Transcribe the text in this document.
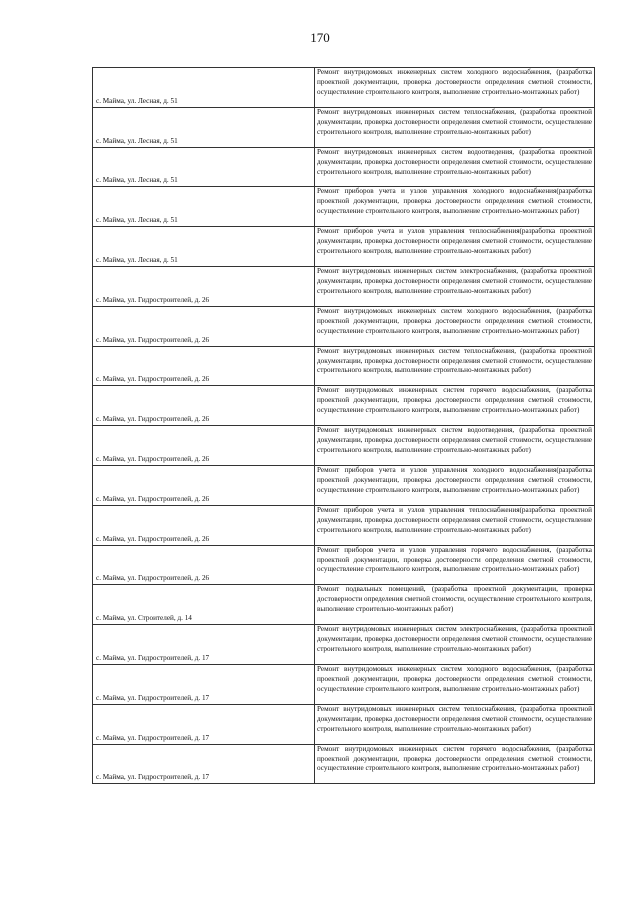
170
с. Майма, ул. Лесная, д. 51	Ремонт внутридомовых инженерных систем холодного водоснабжения, (разработка проектной документации, проверка достоверности определения сметной стоимости, осуществление строительного контроля, выполнение строительно-монтажных работ)
с. Майма, ул. Лесная, д. 51	Ремонт внутридомовых инженерных систем теплоснабжения, (разработка проектной документации, проверка достоверности определения сметной стоимости, осуществление строительного контроля, выполнение строительно-монтажных работ)
с. Майма, ул. Лесная, д. 51	Ремонт внутридомовых инженерных систем водоотведения, (разработка проектной документации, проверка достоверности определения сметной стоимости, осуществление строительного контроля, выполнение строительно-монтажных работ)
с. Майма, ул. Лесная, д. 51	Ремонт приборов учета и узлов управления холодного водоснабжения(разработка проектной документации, проверка достоверности определения сметной стоимости, осуществление строительного контроля, выполнение строительно-монтажных работ)
с. Майма, ул. Лесная, д. 51	Ремонт приборов учета и узлов управления теплоснабжения(разработка проектной документации, проверка достоверности определения сметной стоимости, осуществление строительного контроля, выполнение строительно-монтажных работ)
с. Майма, ул. Гидростроителей, д. 26	Ремонт внутридомовых инженерных систем электроснабжения, (разработка проектной документации, проверка достоверности определения сметной стоимости, осуществление строительного контроля, выполнение строительно-монтажных работ)
с. Майма, ул. Гидростроителей, д. 26	Ремонт внутридомовых инженерных систем холодного водоснабжения, (разработка проектной документации, проверка достоверности определения сметной стоимости, осуществление строительного контроля, выполнение строительно-монтажных работ)
с. Майма, ул. Гидростроителей, д. 26	Ремонт внутридомовых инженерных систем теплоснабжения, (разработка проектной документации, проверка достоверности определения сметной стоимости, осуществление строительного контроля, выполнение строительно-монтажных работ)
с. Майма, ул. Гидростроителей, д. 26	Ремонт внутридомовых инженерных систем горячего водоснабжения, (разработка проектной документации, проверка достоверности определения сметной стоимости, осуществление строительного контроля, выполнение строительно-монтажных работ)
с. Майма, ул. Гидростроителей, д. 26	Ремонт внутридомовых инженерных систем водоотведения, (разработка проектной документации, проверка достоверности определения сметной стоимости, осуществление строительного контроля, выполнение строительно-монтажных работ)
с. Майма, ул. Гидростроителей, д. 26	Ремонт приборов учета и узлов управления холодного водоснабжения(разработка проектной документации, проверка достоверности определения сметной стоимости, осуществление строительного контроля, выполнение строительно-монтажных работ)
с. Майма, ул. Гидростроителей, д. 26	Ремонт приборов учета и узлов управления теплоснабжения(разработка проектной документации, проверка достоверности определения сметной стоимости, осуществление строительного контроля, выполнение строительно-монтажных работ)
с. Майма, ул. Гидростроителей, д. 26	Ремонт приборов учета и узлов управления горячего водоснабжения, (разработка проектной документации, проверка достоверности определения сметной стоимости, осуществление строительного контроля, выполнение строительно-монтажных работ)
с. Майма, ул. Строителей, д. 14	Ремонт подвальных помещений, (разработка проектной документации, проверка достоверности определения сметной стоимости, осуществление строительного контроля, выполнение строительно-монтажных работ)
с. Майма, ул. Гидростроителей, д. 17	Ремонт внутридомовых инженерных систем электроснабжения, (разработка проектной документации, проверка достоверности определения сметной стоимости, осуществление строительного контроля, выполнение строительно-монтажных работ)
с. Майма, ул. Гидростроителей, д. 17	Ремонт внутридомовых инженерных систем холодного водоснабжения, (разработка проектной документации, проверка достоверности определения сметной стоимости, осуществление строительного контроля, выполнение строительно-монтажных работ)
с. Майма, ул. Гидростроителей, д. 17	Ремонт внутридомовых инженерных систем теплоснабжения, (разработка проектной документации, проверка достоверности определения сметной стоимости, осуществление строительного контроля, выполнение строительно-монтажных работ)
с. Майма, ул. Гидростроителей, д. 17	Ремонт внутридомовых инженерных систем горячего водоснабжения, (разработка проектной документации, проверка достоверности определения сметной стоимости, осуществление строительного контроля, выполнение строительно-монтажных работ)
